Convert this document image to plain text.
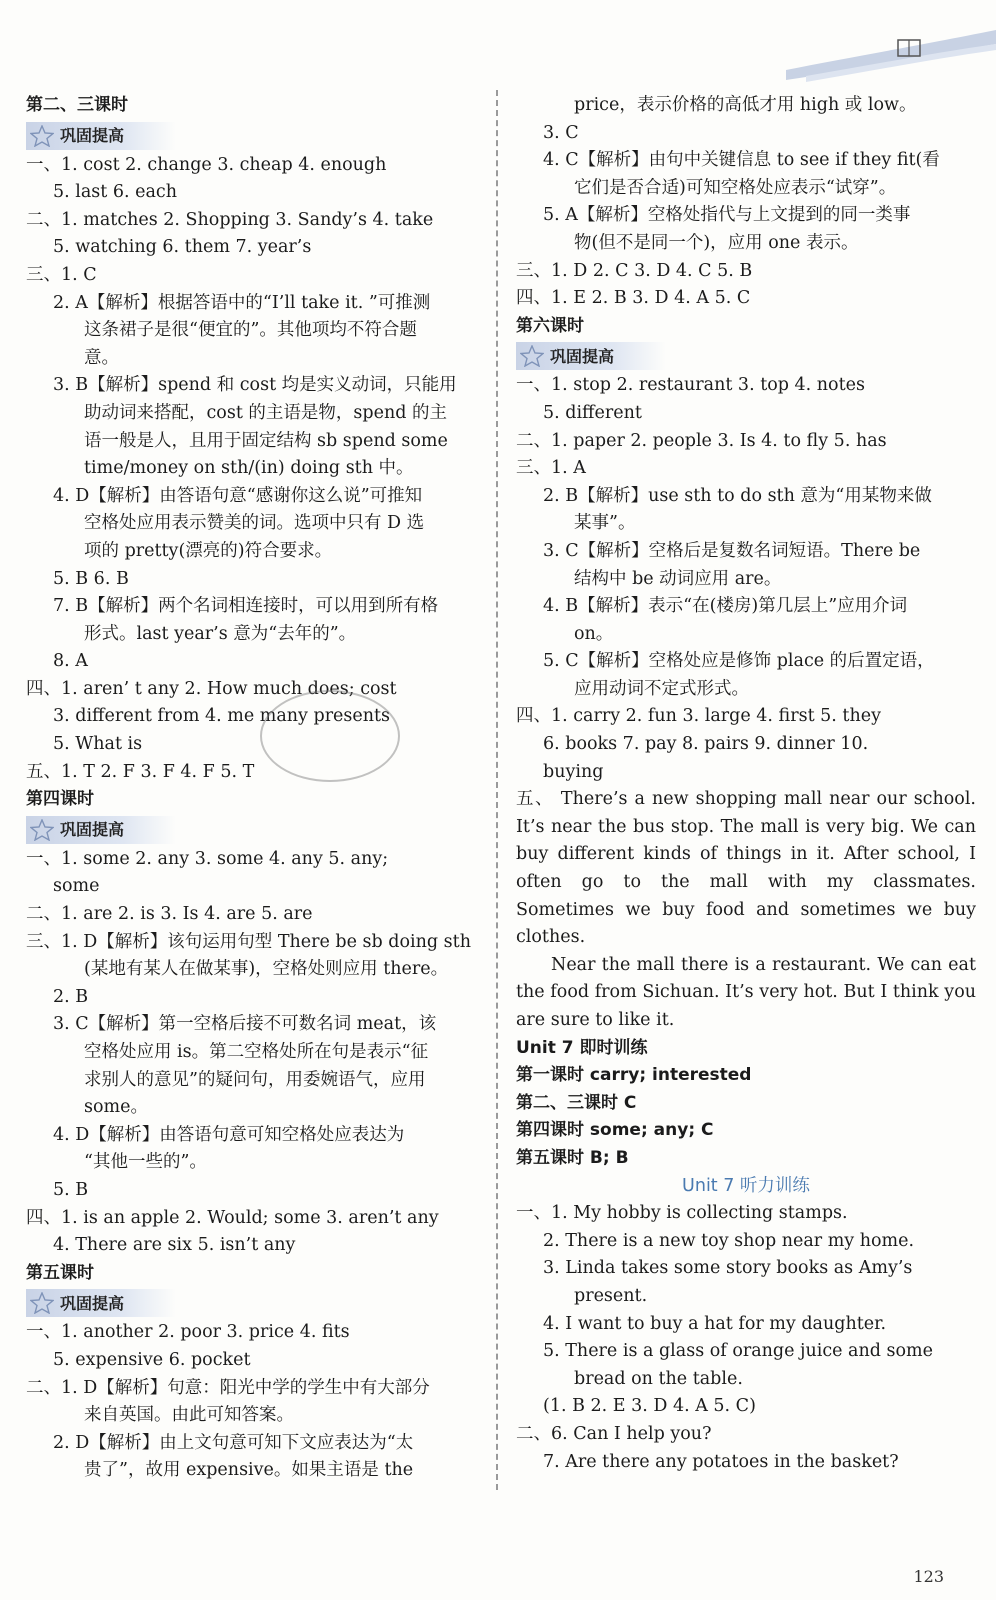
第二、三课时
巩固提高
一、1. cost 2. change 3. cheap 4. enough
5. last 6. each
二、1. matches 2. Shopping 3. Sandy’s 4. take
5. watching 6. them 7. year’s
三、1. C
2. A【解析】根据答语中的“I’ll take it. ”可推测
这条裙子是很“便宜的”。其他项均不符合题
意。
3. B【解析】spend 和 cost 均是实义动词，只能用
助动词来搭配，cost 的主语是物，spend 的主
语一般是人，且用于固定结构 sb spend some
time/money on sth/(in) doing sth 中。
4. D【解析】由答语句意“感谢你这么说”可推知
空格处应用表示赞美的词。选项中只有 D 选
项的 pretty(漂亮的)符合要求。
5. B 6. B
7. B【解析】两个名词相连接时，可以用到所有格
形式。last year’s 意为“去年的”。
8. A
四、1. aren’ t any 2. How much does; cost
3. different from 4. me many presents
5. What is
五、1. T 2. F 3. F 4. F 5. T
第四课时
巩固提高
一、1. some 2. any 3. some 4. any 5. any;
some
二、1. are 2. is 3. Is 4. are 5. are
三、1. D【解析】该句运用句型 There be sb doing sth
(某地有某人在做某事)，空格处则应用 there。
2. B
3. C【解析】第一空格后接不可数名词 meat，该
空格处应用 is。第二空格处所在句是表示“征
求别人的意见”的疑问句，用委婉语气，应用
some。
4. D【解析】由答语句意可知空格处应表达为
“其他一些的”。
5. B
四、1. is an apple 2. Would; some 3. aren’t any
4. There are six 5. isn’t any
第五课时
巩固提高
一、1. another 2. poor 3. price 4. fits
5. expensive 6. pocket
二、1. D【解析】句意：阳光中学的学生中有大部分
来自英国。由此可知答案。
2. D【解析】由上文句意可知下文应表达为“太
贵了”，故用 expensive。如果主语是 the
price，表示价格的高低才用 high 或 low。
3. C
4. C【解析】由句中关键信息 to see if they fit(看
它们是否合适)可知空格处应表示“试穿”。
5. A【解析】空格处指代与上文提到的同一类事
物(但不是同一个)，应用 one 表示。
三、1. D 2. C 3. D 4. C 5. B
四、1. E 2. B 3. D 4. A 5. C
第六课时
巩固提高
一、1. stop 2. restaurant 3. top 4. notes
5. different
二、1. paper 2. people 3. Is 4. to fly 5. has
三、1. A
2. B【解析】use sth to do sth 意为“用某物来做
某事”。
3. C【解析】空格后是复数名词短语。There be
结构中 be 动词应用 are。
4. B【解析】表示“在(楼房)第几层上”应用介词
on。
5. C【解析】空格处应是修饰 place 的后置定语，
应用动词不定式形式。
四、1. carry 2. fun 3. large 4. first 5. they
6. books 7. pay 8. pairs 9. dinner 10.
buying
五、 There’s a new shopping mall near our school. It’s near the bus stop. The mall is very big. We can buy different kinds of things in it. After school, I often go to the mall with my classmates. Sometimes we buy food and sometimes we buy clothes.
Near the mall there is a restaurant. We can eat the food from Sichuan. It’s very hot. But I think you are sure to like it.
Unit 7 即时训练
第一课时 carry; interested
第二、三课时 C
第四课时 some; any; C
第五课时 B; B
Unit 7 听力训练
一、1. My hobby is collecting stamps.
2. There is a new toy shop near my home.
3. Linda takes some story books as Amy’s
present.
4. I want to buy a hat for my daughter.
5. There is a glass of orange juice and some
bread on the table.
(1. B 2. E 3. D 4. A 5. C)
二、6. Can I help you?
7. Are there any potatoes in the basket?
123
